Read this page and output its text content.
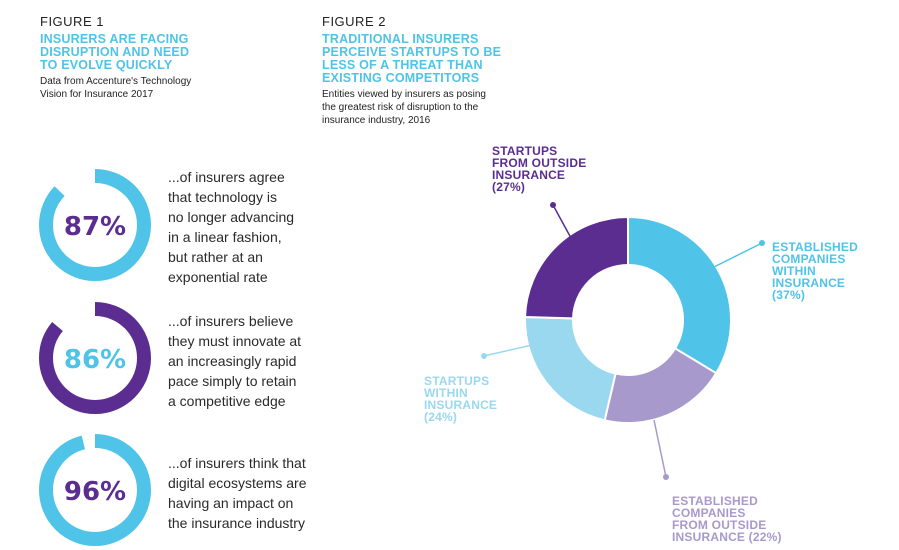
FIGURE 1
INSURERS ARE FACING
DISRUPTION AND NEED
TO EVOLVE QUICKLY
Data from Accenture's Technology
Vision for Insurance 2017
FIGURE 2
TRADITIONAL INSURERS
PERCEIVE STARTUPS TO BE
LESS OF A THREAT THAN
EXISTING COMPETITORS
Entities viewed by insurers as posing
the greatest risk of disruption to the
insurance industry, 2016
87%
86%
96%
...of insurers agree
that technology is
no longer advancing
in a linear fashion,
but rather at an
exponential rate
...of insurers believe
they must innovate at
an increasingly rapid
pace simply to retain
a competitive edge
...of insurers think that
digital ecosystems are
having an impact on
the insurance industry
ESTABLISHED
COMPANIES
WITHIN
INSURANCE
(37%)
ESTABLISHED
COMPANIES
FROM OUTSIDE
INSURANCE (22%)
STARTUPS
WITHIN
INSURANCE
(24%)
STARTUPS
FROM OUTSIDE
INSURANCE
(27%)
